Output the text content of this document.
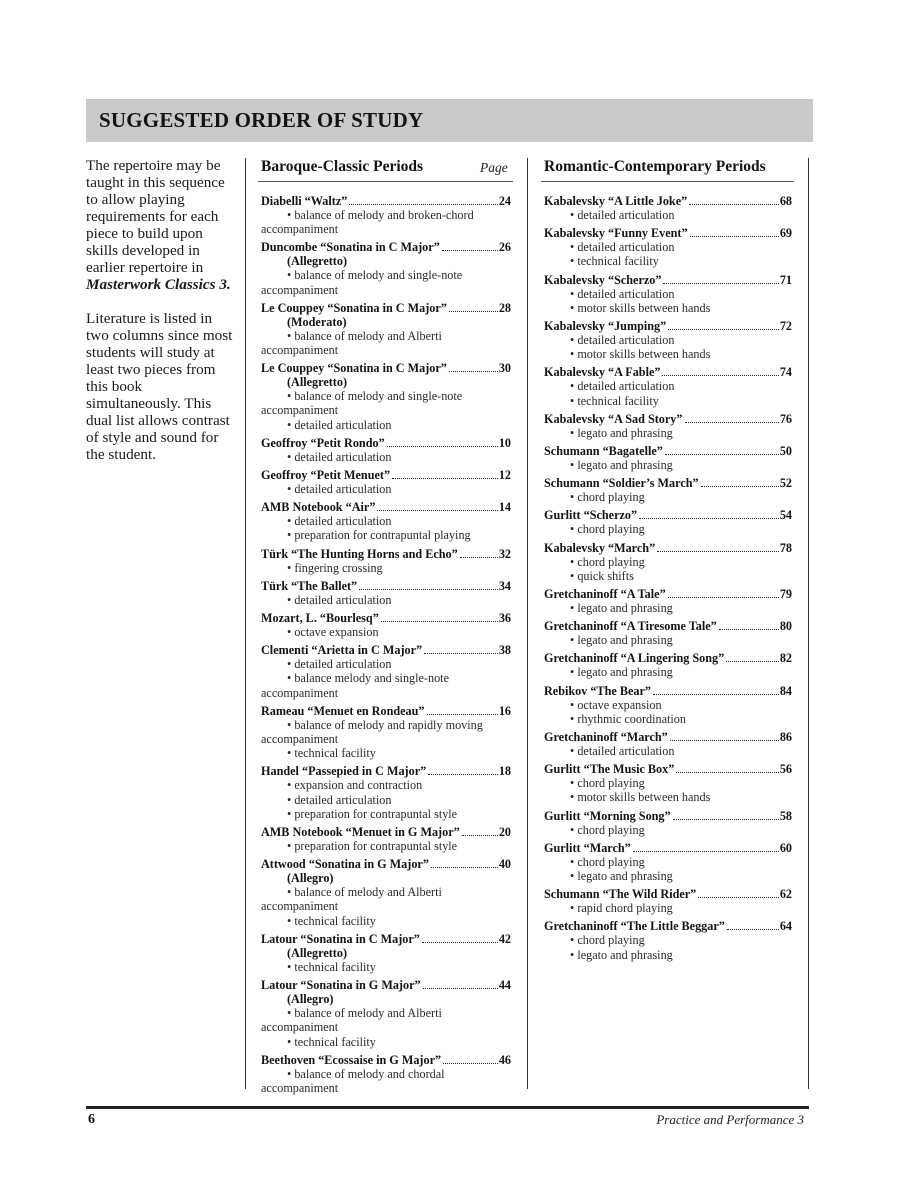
SUGGESTED ORDER OF STUDY

The repertoire may be taught in this sequence to allow playing requirements for each piece to build upon skills developed in earlier repertoire in Masterwork Classics 3.

Literature is listed in two columns since most students will study at least two pieces from this book simultaneously. This dual list allows contrast of style and sound for the student.

Baroque-Classic Periods	Page Romantic-Contemporary Periods
Diabelli “Waltz”	24
• balance of melody and broken-chord accompaniment
Duncombe “Sonatina in C Major”	26
(Allegretto)
• balance of melody and single-note accompaniment
Le Couppey “Sonatina in C Major”	28
(Moderato)
• balance of melody and Alberti accompaniment
Le Couppey “Sonatina in C Major”	30
(Allegretto)
• balance of melody and single-note accompaniment
• detailed articulation
Geoffroy “Petit Rondo”	10
• detailed articulation
Geoffroy “Petit Menuet”	12
• detailed articulation
AMB Notebook “Air”	14
• detailed articulation
• preparation for contrapuntal playing
Türk “The Hunting Horns and Echo”	32
• fingering crossing
Türk “The Ballet”	34
• detailed articulation
Mozart, L. “Bourlesq”	36
• octave expansion
Clementi “Arietta in C Major”	38
• detailed articulation
• balance melody and single-note accompaniment
Rameau “Menuet en Rondeau”	16
• balance of melody and rapidly moving accompaniment
• technical facility
Handel “Passepied in C Major”	18
• expansion and contraction
• detailed articulation
• preparation for contrapuntal style
AMB Notebook “Menuet in G Major”	20
• preparation for contrapuntal style
Attwood “Sonatina in G Major”	40
(Allegro)
• balance of melody and Alberti accompaniment
• technical facility
Latour “Sonatina in C Major”	42
(Allegretto)
• technical facility
Latour “Sonatina in G Major”	44
(Allegro)
• balance of melody and Alberti accompaniment
• technical facility
Beethoven “Ecossaise in G Major”	46
• balance of melody and chordal accompaniment
Kabalevsky “A Little Joke”	68
• detailed articulation
Kabalevsky “Funny Event”	69
• detailed articulation
• technical facility
Kabalevsky “Scherzo”	71
• detailed articulation
• motor skills between hands
Kabalevsky “Jumping”	72
• detailed articulation
• motor skills between hands
Kabalevsky “A Fable”	74
• detailed articulation
• technical facility
Kabalevsky “A Sad Story”	76
• legato and phrasing
Schumann “Bagatelle”	50
• legato and phrasing
Schumann “Soldier’s March”	52
• chord playing
Gurlitt “Scherzo”	54
• chord playing
Kabalevsky “March”	78
• chord playing
• quick shifts
Gretchaninoff “A Tale”	79
• legato and phrasing
Gretchaninoff “A Tiresome Tale”	80
• legato and phrasing
Gretchaninoff “A Lingering Song”	82
• legato and phrasing
Rebikov “The Bear”	84
• octave expansion
• rhythmic coordination
Gretchaninoff “March”	86
• detailed articulation
Gurlitt “The Music Box”	56
• chord playing
• motor skills between hands
Gurlitt “Morning Song”	58
• chord playing
Gurlitt “March”	60
• chord playing
• legato and phrasing
Schumann “The Wild Rider”	62
• rapid chord playing
Gretchaninoff “The Little Beggar”	64
• chord playing
• legato and phrasing
6	Practice and Performance 3
